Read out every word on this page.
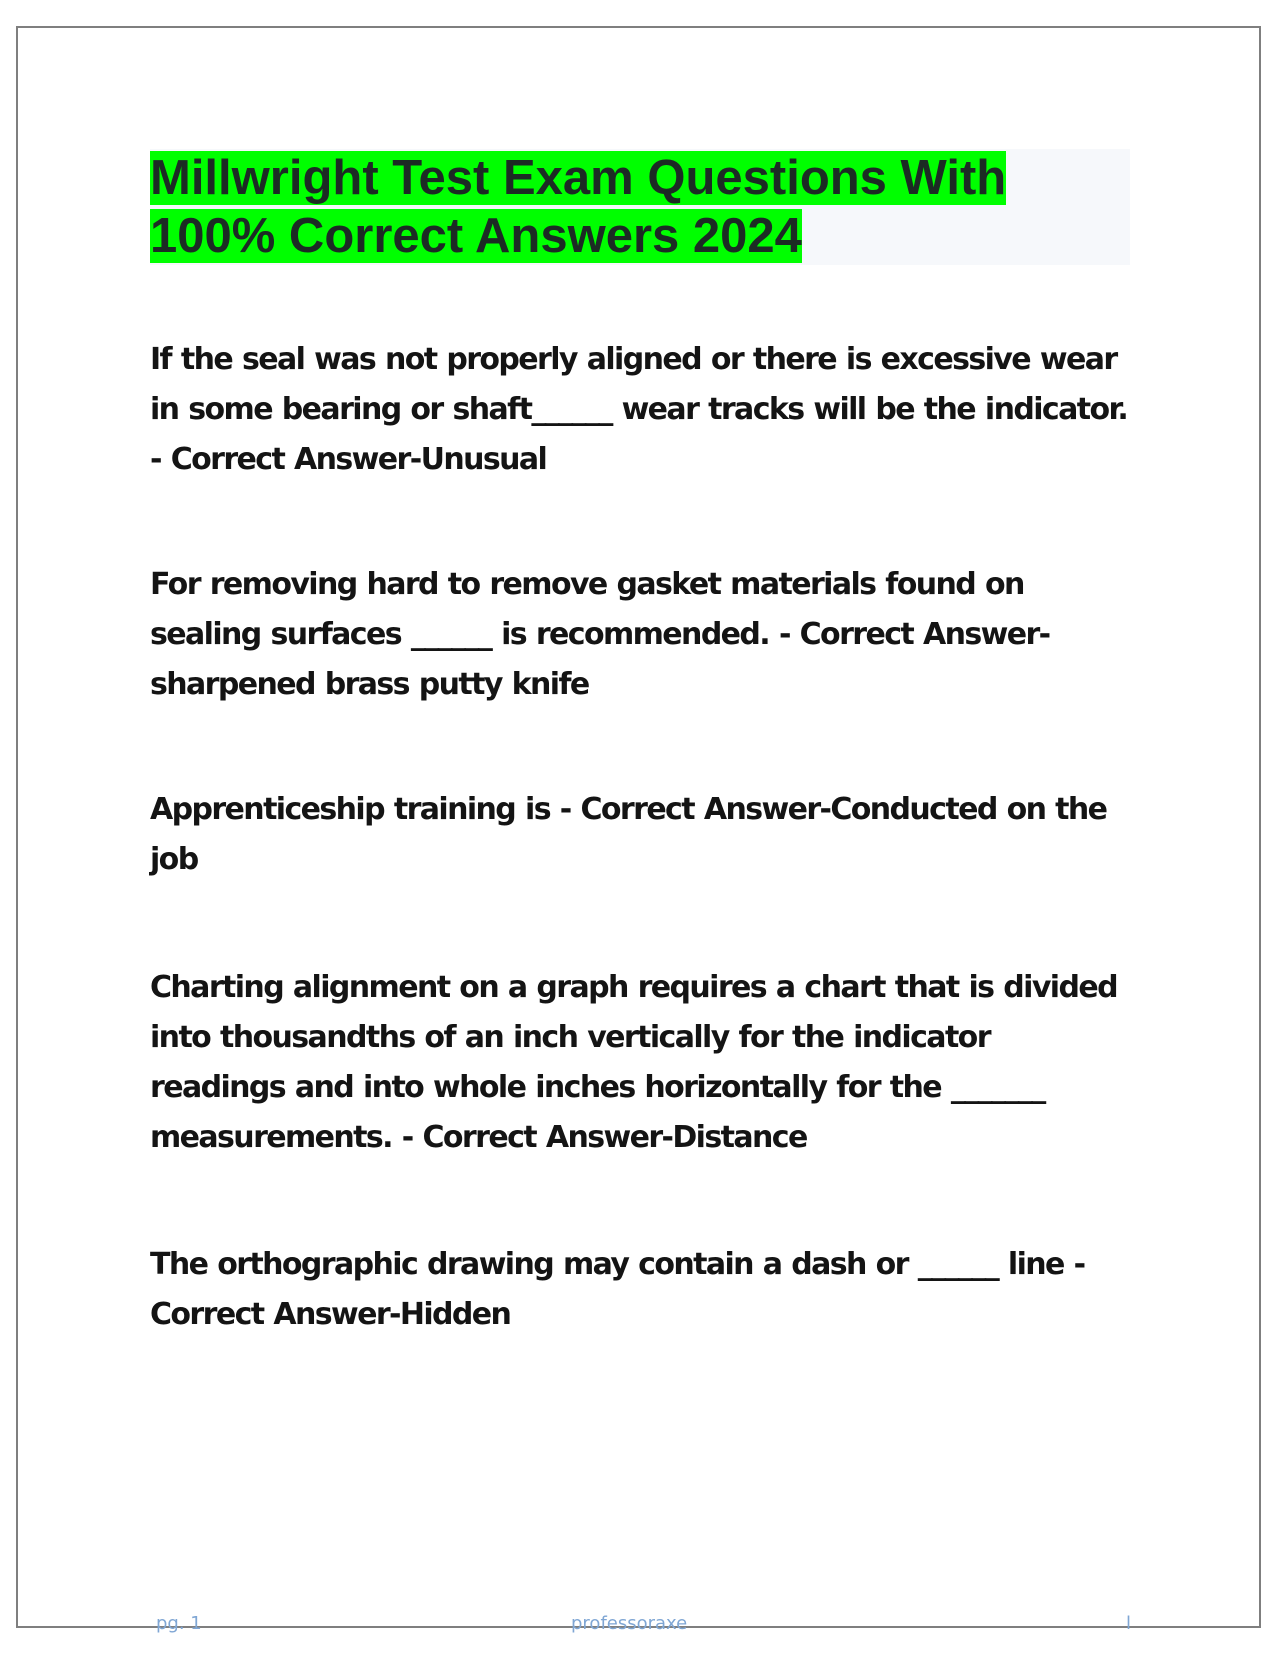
Millwright Test Exam Questions With 100% Correct Answers 2024

If the seal was not properly aligned or there is excessive wear in some bearing or shaft______ wear tracks will be the indicator. - Correct Answer-Unusual

For removing hard to remove gasket materials found on sealing surfaces ______ is recommended. - Correct Answer-sharpened brass putty knife

Apprenticeship training is - Correct Answer-Conducted on the job

Charting alignment on a graph requires a chart that is divided into thousandths of an inch vertically for the indicator readings and into whole inches horizontally for the _______ measurements. - Correct Answer-Distance

The orthographic drawing may contain a dash or ______ line - Correct Answer-Hidden

pg. 1	professoraxe	l
